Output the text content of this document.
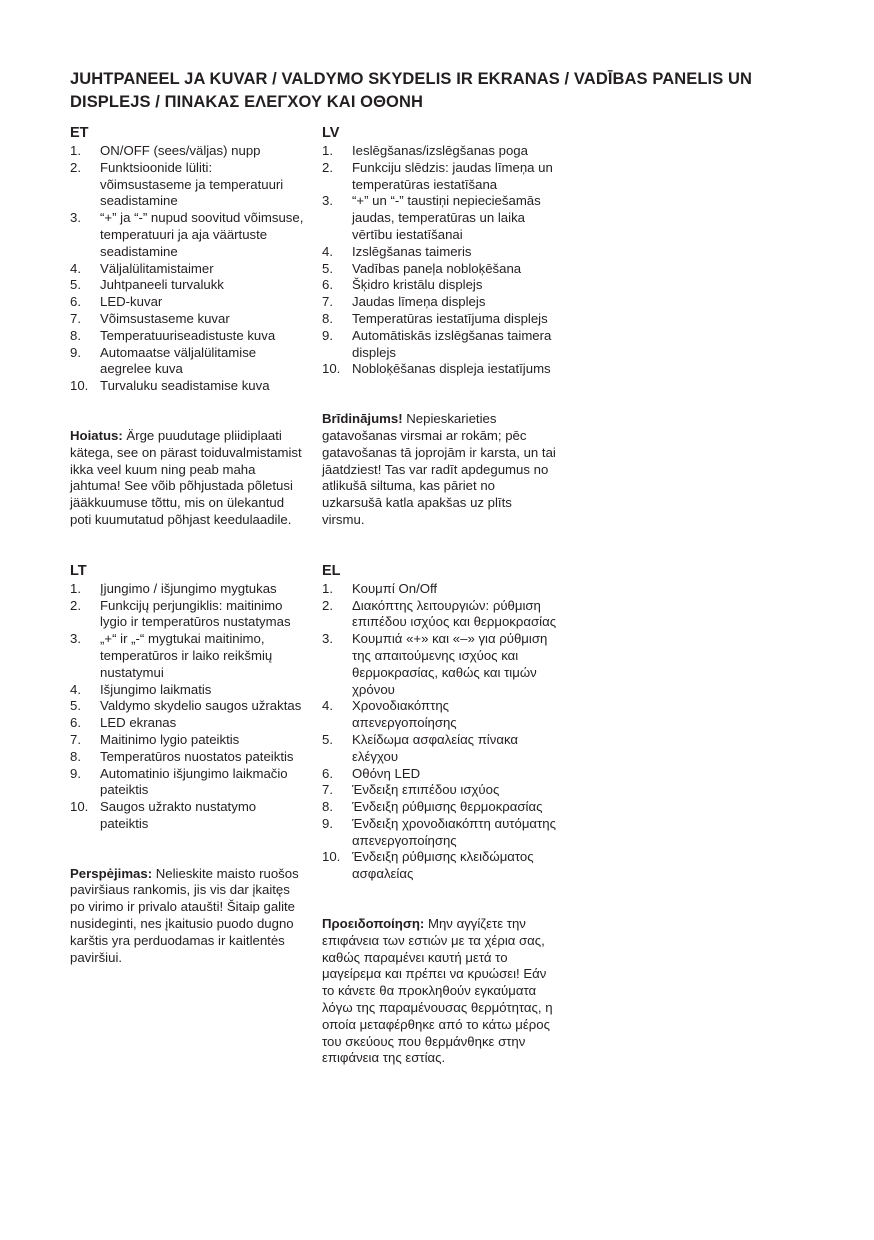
JUHTPANEEL JA KUVAR / VALDYMO SKYDELIS IR EKRANAS / VADĪBAS PANELIS UN DISPLEJS / ΠΙΝΑΚΑΣ ΕΛΕΓΧΟΥ ΚΑΙ ΟΘΟΝΗ
ET
1. ON/OFF (sees/väljas) nupp
2. Funktsioonide lüliti: võimsustaseme ja temperatuuri seadistamine
3. “+” ja “-” nupud soovitud võimsuse, temperatuuri ja aja väärtuste seadistamine
4. Väljalülitamistaimer
5. Juhtpaneeli turvalukk
6. LED-kuvar
7. Võimsustaseme kuvar
8. Temperatuuriseadistuste kuva
9. Automaatse väljalülitamise aegrelee kuva
10. Turvaluku seadistamise kuva

Hoiatus: Ärge puudutage pliidiplaati kätega, see on pärast toiduvalmistamist ikka veel kuum ning peab maha jahtuma! See võib põhjustada põletusi jääkkuumuse tõttu, mis on ülekantud poti kuumutatud põhjast keedulaadile.

LT
1. Įjungimo / išjungimo mygtukas
2. Funkcijų perjungiklis: maitinimo lygio ir temperatūros nustatymas
3. „+“ ir „-“ mygtukai maitinimo, temperatūros ir laiko reikšmių nustatymui
4. Išjungimo laikmatis
5. Valdymo skydelio saugos užraktas
6. LED ekranas
7. Maitinimo lygio pateiktis
8. Temperatūros nuostatos pateiktis
9. Automatinio išjungimo laikmačio pateiktis
10. Saugos užrakto nustatymo pateiktis

Perspėjimas: Nelieskite maisto ruošos paviršiaus rankomis, jis vis dar įkaitęs po virimo ir privalo ataušti! Šitaip galite nusideginti, nes įkaitusio puodo dugno karštis yra perduodamas ir kaitlentės paviršiui.

LV
1. Ieslēgšanas/izslēgšanas poga
2. Funkciju slēdzis: jaudas līmeņa un temperatūras iestatīšana
3. “+” un “-” taustiņi nepieciešamās jaudas, temperatūras un laika vērtību iestatīšanai
4. Izslēgšanas taimeris
5. Vadības paneļa nobloķēšana
6. Šķidro kristālu displejs
7. Jaudas līmeņa displejs
8. Temperatūras iestatījuma displejs
9. Automātiskās izslēgšanas taimera displejs
10. Nobloķēšanas displeja iestatījums

Brīdinājums! Nepieskarieties gatavošanas virsmai ar rokām; pēc gatavošanas tā joprojām ir karsta, un tai jāatdziest! Tas var radīt apdegumus no atlikušā siltuma, kas pāriet no uzkarsušā katla apakšas uz plīts virsmu.

EL
1. Κουμπί On/Off
2. Διακόπτης λειτουργιών: ρύθμιση επιπέδου ισχύος και θερμοκρασίας
3. Κουμπιά «+» και «–» για ρύθμιση της απαιτούμενης ισχύος και θερμοκρασίας, καθώς και τιμών χρόνου
4. Χρονοδιακόπτης απενεργοποίησης
5. Κλείδωμα ασφαλείας πίνακα ελέγχου
6. Οθόνη LED
7. Ένδειξη επιπέδου ισχύος
8. Ένδειξη ρύθμισης θερμοκρασίας
9. Ένδειξη χρονοδιακόπτη αυτόματης απενεργοποίησης
10. Ένδειξη ρύθμισης κλειδώματος ασφαλείας

Προειδοποίηση: Μην αγγίζετε την επιφάνεια των εστιών με τα χέρια σας, καθώς παραμένει καυτή μετά το μαγείρεμα και πρέπει να κρυώσει! Εάν το κάνετε θα προκληθούν εγκαύματα λόγω της παραμένουσας θερμότητας, η οποία μεταφέρθηκε από το κάτω μέρος του σκεύους που θερμάνθηκε στην επιφάνεια της εστίας.
